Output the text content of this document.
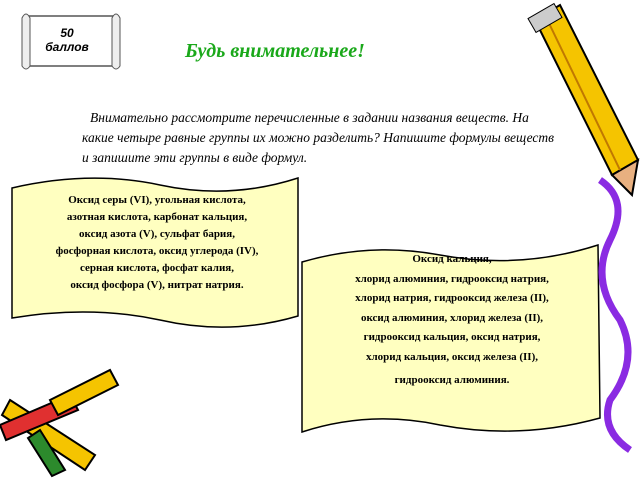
50
баллов	Будь внимательнее!
Внимательно рассмотрите перечисленные в задании названия веществ. На какие четыре равные группы их можно разделить? Напишите формулы веществ и запишите эти группы в виде формул.
Оксид серы (VI), угольная кислота,
азотная кислота, карбонат кальция,
оксид азота (V), сульфат бария,
фосфорная кислота, оксид углерода (IV),
серная кислота, фосфат калия,
оксид фосфора (V), нитрат натрия.
Оксид кальция,
хлорид алюминия, гидрооксид натрия,
хлорид натрия, гидрооксид железа (II),
оксид алюминия, хлорид железа (II),
гидрооксид кальция, оксид натрия,
хлорид кальция, оксид железа (II),
гидрооксид алюминия.
